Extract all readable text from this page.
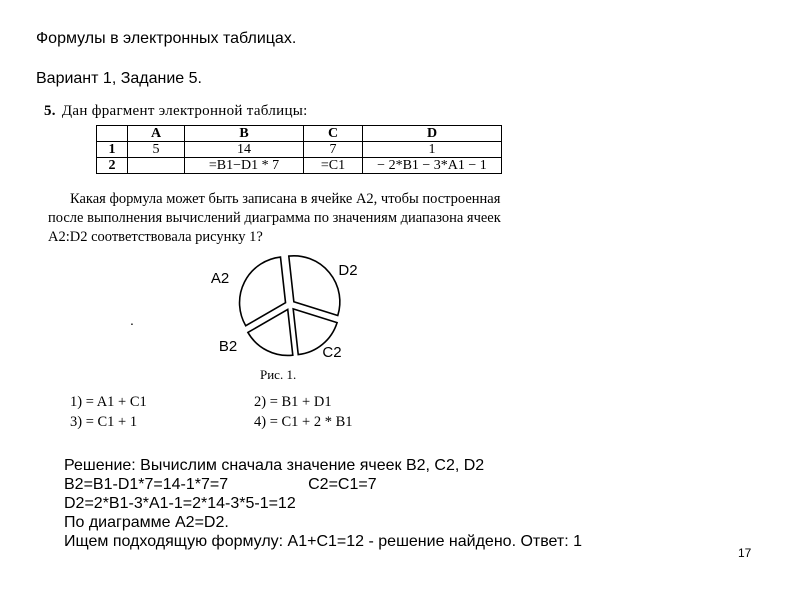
Формулы в электронных таблицах.
Вариант 1, Задание 5.
5. Дан фрагмент электронной таблицы:
	A	B	C	D
1	5	14	7	1
2		=B1−D1 * 7	=C1	− 2*B1 − 3*A1 − 1
Какая формула может быть записана в ячейке A2, чтобы построенная после выполнения вычислений диаграмма по значениям диапазона ячеек A2:D2 соответствовала рисунку 1?
A2	D2
C2
B2
.
Рис. 1.
1) = A1 + C1	2) = B1 + D1
3) = C1 + 1	4) = C1 + 2 * B1
Решение: Вычислим сначала значение ячеек B2, C2, D2
B2=B1-D1*7=14-1*7=7	C2=C1=7
D2=2*B1-3*A1-1=2*14-3*5-1=12
По диаграмме A2=D2.
Ищем подходящую формулу: A1+C1=12 - решение найдено. Ответ: 1
17
